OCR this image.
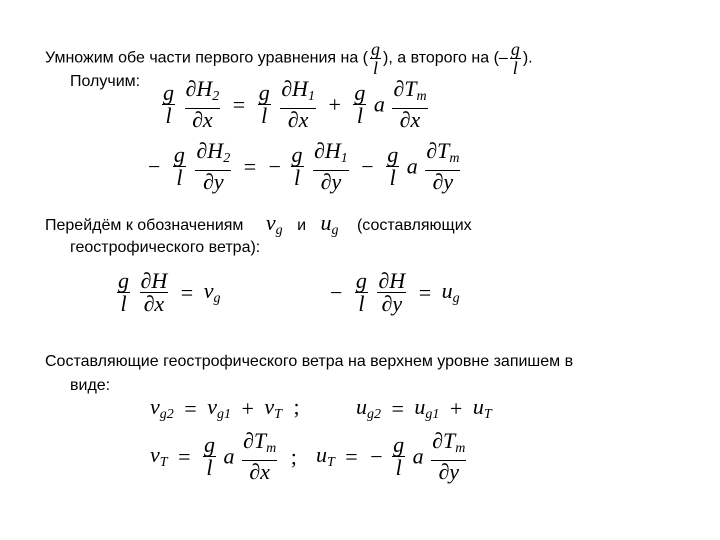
Умножим обе части первого уравнения на ( $\frac{g}{l}$ ), а второго на (– $\frac{g}{l}$ ).
Получим:
$\frac{g}{l}$
$\frac{\partial H_2}{\partial x} = \frac{g}{l}$
$\frac{\partial H_1}{\partial x} + \frac{g}{l}$ a $\frac{\partial T_m}{\partial x}$
− $\frac{g}{l}$
$\frac{\partial H_2}{\partial y}$ = − $\frac{g}{l}$
$\frac{\partial H_1}{\partial y} - \frac{g}{l}$ a $\frac{\partial T_m}{\partial y}$
Перейдём к обозначениям $v_g$ и $u_g$ (составляющих
геострофического ветра):
$\frac{g}{l}$
$\frac{\partial H}{\partial x} = v_g$	− $\frac{g}{l}$
$\frac{\partial H}{\partial y} = u_g$
Составляющие геострофического ветра на верхнем уровне запишем в
виде:
$v_{g2} = v_{g1} + v_T$ ;	$u_{g2} = u_{g1} + u_T$
$v_T = \frac{g}{l}$ a $\frac{\partial T_m}{\partial x}$ ; $u_T$ = − $\frac{g}{l}$ a $\frac{\partial T_m}{\partial y}$
